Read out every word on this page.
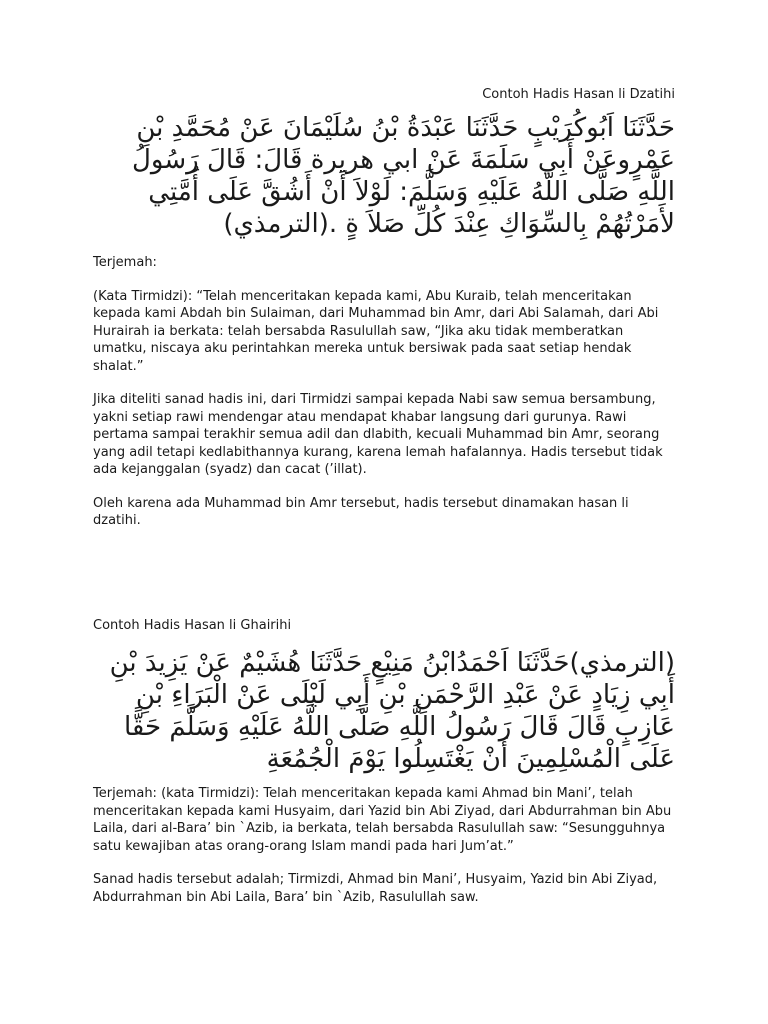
Contoh Hadis Hasan li Dzatihi

حَدَّثَنَا اَبُوكُرَيْبٍ حَدَّثَنَا عَبْدَةُ بْنُ سُلَيْمَانَ عَنْ مُحَمَّدِ بْنِ عَمْرٍوعَنْ أَبِي سَلَمَةَ عَنْ ابي هريرة قَالَ: قَالَ رَسُولُ اللَّهِ صَلَّى اللَّهُ عَلَيْهِ وَسَلَّمَ: لَوْلاَ أَنْ أَشُقَّ عَلَى أُمَّتِي لأَمَرْتُهُمْ بِالسِّوَاكِ عِنْدَ كُلِّ صَلاَ ةٍ .(الترمذي)

Terjemah:

(Kata Tirmidzi): “Telah menceritakan kepada kami, Abu Kuraib, telah menceritakan kepada kami Abdah bin Sulaiman, dari Muhammad bin Amr, dari Abi Salamah, dari Abi Hurairah ia berkata: telah bersabda Rasulullah saw, “Jika aku tidak memberatkan umatku, niscaya aku perintahkan mereka untuk bersiwak pada saat setiap hendak shalat.”

Jika diteliti sanad hadis ini, dari Tirmidzi sampai kepada Nabi saw semua bersambung, yakni setiap rawi mendengar atau mendapat khabar langsung dari gurunya. Rawi pertama sampai terakhir semua adil dan dlabith, kecuali Muhammad bin Amr, seorang yang adil tetapi kedlabithannya kurang, karena lemah hafalannya. Hadis tersebut tidak ada kejanggalan (syadz) dan cacat (’illat).

Oleh karena ada Muhammad bin Amr tersebut, hadis tersebut dinamakan hasan li dzatihi.

Contoh Hadis Hasan li Ghairihi

(الترمذي)حَدَّثَنَا اَحْمَدُابْنُ مَنِيْعٍ حَدَّثَنَا هُشَيْمٌ عَنْ يَزِيدَ بْنِ أَبِي زِيَادٍ عَنْ عَبْدِ الرَّحْمَنِ بْنِ أَبِي لَيْلَى عَنْ الْبَرَاءِ بْنِ عَازِبٍ قَالَ قَالَ رَسُولُ اللَّهِ صَلَّى اللَّهُ عَلَيْهِ وَسَلَّمَ حَقًّا عَلَى الْمُسْلِمِينَ أَنْ يَغْتَسِلُوا يَوْمَ الْجُمُعَةِ

Terjemah: (kata Tirmidzi): Telah menceritakan kepada kami Ahmad bin Mani’, telah menceritakan kepada kami Husyaim, dari Yazid bin Abi Ziyad, dari Abdurrahman bin Abu Laila, dari al-Bara’ bin `Azib, ia berkata, telah bersabda Rasulullah saw: “Sesungguhnya satu kewajiban atas orang-orang Islam mandi pada hari Jum’at.”

Sanad hadis tersebut adalah; Tirmizdi, Ahmad bin Mani’, Husyaim, Yazid bin Abi Ziyad, Abdurrahman bin Abi Laila, Bara’ bin `Azib, Rasulullah saw.
